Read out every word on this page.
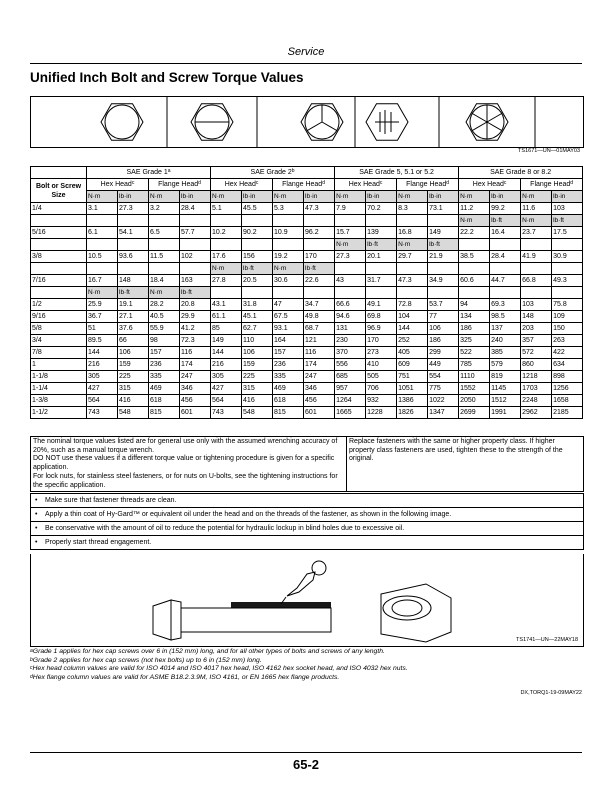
Service
Unified Inch Bolt and Screw Torque Values
TS1671—UN—01MAY03
	SAE Grade 1$^a$				SAE Grade 2$^b$				SAE Grade 5, 5.1 or 5.2				SAE Grade 8 or 8.2			
Bolt or Screw Size	Hex Head$^c$		Flange Head$^d$		Hex Head$^c$		Flange Head$^d$		Hex Head$^c$		Flange Head$^d$		Hex Head$^c$		Flange Head$^d$
	N·m	lb·in	N·m	lb·in	N·m	lb·in	N·m	lb·in	N·m	lb·in	N·m	lb·in	N·m	lb·in	N·m	lb·in
1/4	3.1	27.3	3.2	28.4	5.1	45.5	5.3	47.3	7.9	70.2	8.3	73.1	11.2	99.2	11.6	103
													N·m	lb·ft	N·m	lb·ft
5/16	6.1	54.1	6.5	57.7	10.2	90.2	10.9	96.2	15.7	139	16.8	149	22.2	16.4	23.7	17.5
									N·m	lb·ft	N·m	lb·ft				
3/8	10.5	93.6	11.5	102	17.6	156	19.2	170	27.3	20.1	29.7	21.9	38.5	28.4	41.9	30.9
					N·m	lb·ft	N·m	lb·ft								
7/16	16.7	148	18.4	163	27.8	20.5	30.6	22.6	43	31.7	47.3	34.9	60.6	44.7	66.8	49.3
	N·m	lb·ft	N·m	lb·ft												
1/2	25.9	19.1	28.2	20.8	43.1	31.8	47	34.7	66.6	49.1	72.8	53.7	94	69.3	103	75.8
9/16	36.7	27.1	40.5	29.9	61.1	45.1	67.5	49.8	94.6	69.8	104	77	134	98.5	148	109
5/8	51	37.6	55.9	41.2	85	62.7	93.1	68.7	131	96.9	144	106	186	137	203	150
3/4	89.5	66	98	72.3	149	110	164	121	230	170	252	186	325	240	357	263
7/8	144	106	157	116	144	106	157	116	370	273	405	299	522	385	572	422
1	216	159	236	174	216	159	236	174	556	410	609	449	785	579	860	634
1-1/8	305	225	335	247	305	225	335	247	685	505	751	554	1110	819	1218	898
1-1/4	427	315	469	346	427	315	469	346	957	706	1051	775	1552	1145	1703	1256
1-3/8	564	416	618	456	564	416	618	456	1264	932	1386	1022	2050	1512	2248	1658
1-1/2	743	548	815	601	743	548	815	601	1665	1228	1826	1347	2699	1991	2962	2185
The nominal torque values listed are for general use only with the assumed wrenching accuracy of 20%, such as a manual torque wrench.
DO NOT use these values if a different torque value or tightening procedure is given for a specific application.
For lock nuts, for stainless steel fasteners, or for nuts on U-bolts, see the tightening instructions for the specific application.
Replace fasteners with the same or higher property class. If higher property class fasteners are used, tighten these to the strength of the original.
• Make sure that fastener threads are clean.
• Apply a thin coat of Hy-Gard™ or equivalent oil under the head and on the threads of the fastener, as shown in the following image.
• Be conservative with the amount of oil to reduce the potential for hydraulic lockup in blind holes due to excessive oil.
• Properly start thread engagement.
TS1741—UN—22MAY18
$^a$Grade 1 applies for hex cap screws over 6 in (152 mm) long, and for all other types of bolts and screws of any length.
$^b$Grade 2 applies for hex cap screws (not hex bolts) up to 6 in (152 mm) long.
$^c$Hex head column values are valid for ISO 4014 and ISO 4017 hex head, ISO 4162 hex socket head, and ISO 4032 hex nuts.
$^d$Hex flange column values are valid for ASME B18.2.3.9M, ISO 4161, or EN 1665 hex flange products.
DX,TORQ1-19-09MAY22
65-2
